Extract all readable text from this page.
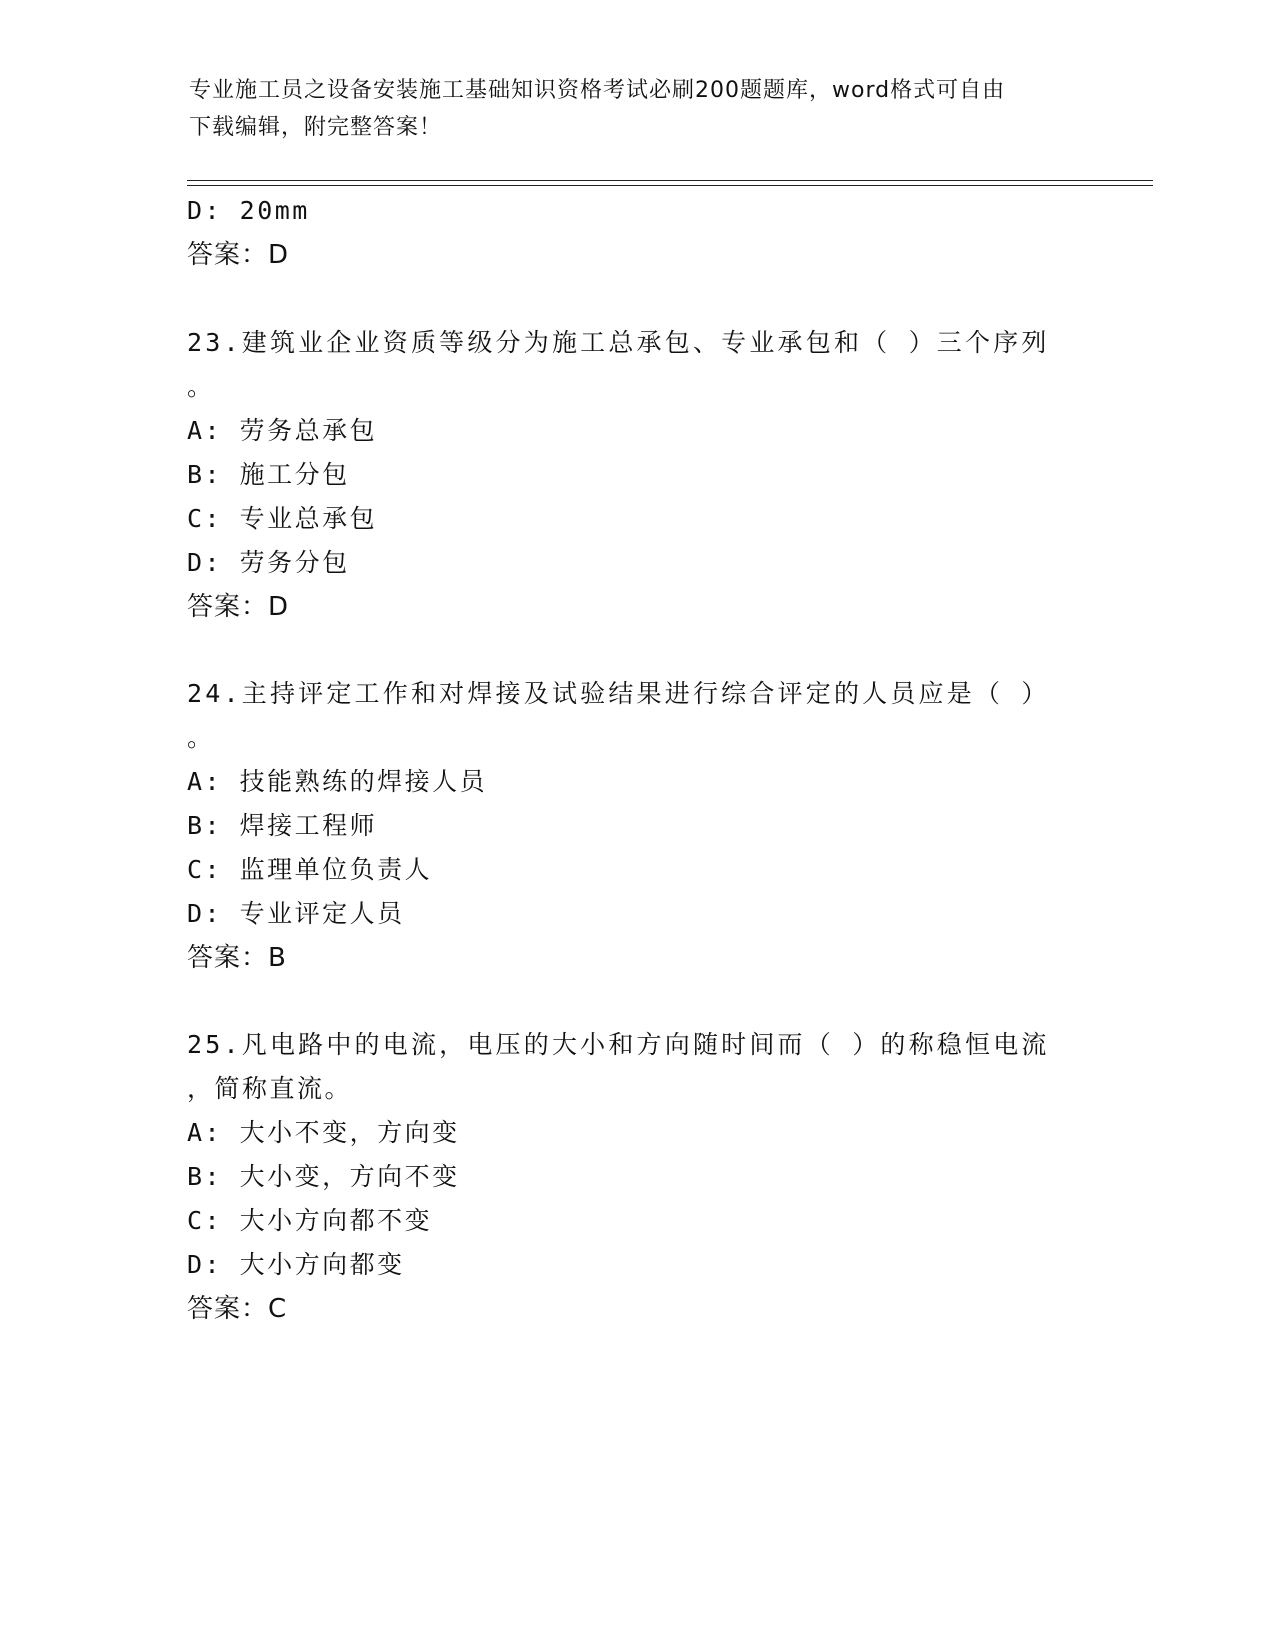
专业施工员之设备安装施工基础知识资格考试必刷200题题库，word格式可自由
下载编辑，附完整答案！
D: 20mm
答案：D
23.建筑业企业资质等级分为施工总承包、专业承包和（ ）三个序列
。
A: 劳务总承包
B: 施工分包
C: 专业总承包
D: 劳务分包
答案：D
24.主持评定工作和对焊接及试验结果进行综合评定的人员应是（ ）
。
A: 技能熟练的焊接人员
B: 焊接工程师
C: 监理单位负责人
D: 专业评定人员
答案：B
25.凡电路中的电流，电压的大小和方向随时间而（ ）的称稳恒电流
，简称直流。
A: 大小不变，方向变
B: 大小变，方向不变
C: 大小方向都不变
D: 大小方向都变
答案：C
